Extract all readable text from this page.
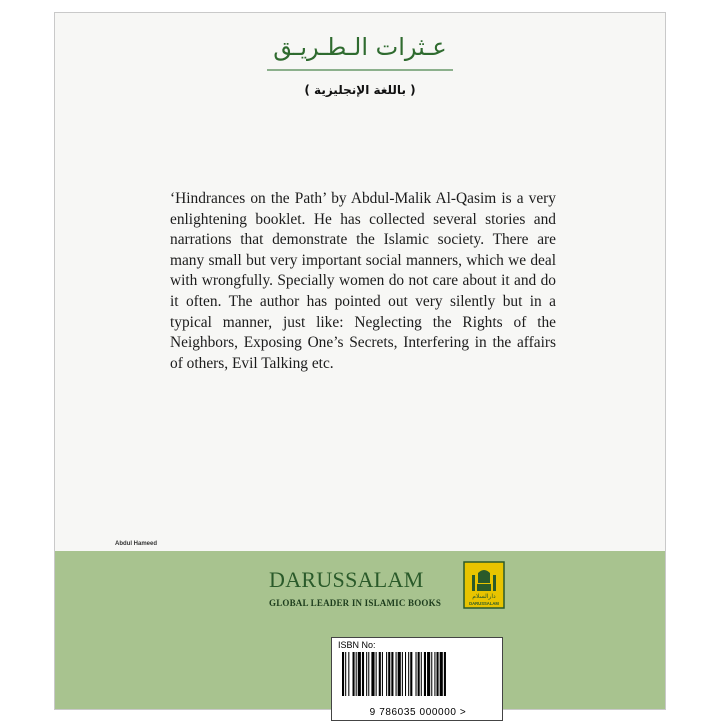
عـثرات الـطـريـق
( باللغة الإنجليزية )
‘Hindrances on the Path’ by Abdul-Malik Al-Qasim is a very enlightening booklet. He has collected several stories and narrations that demonstrate the Islamic society. There are many small but very important social manners, which we deal with wrongfully. Specially women do not care about it and do it often. The author has pointed out very silently but in a typical manner, just like: Neglecting the Rights of the Neighbors, Exposing One’s Secrets, Interfering in the affairs of others, Evil Talking etc.
Abdul Hameed
DARUSSALAM
GLOBAL LEADER IN ISLAMIC BOOKS
دارالسلام
DARUSSALAM
ISBN No:
9 786035 000000 >
